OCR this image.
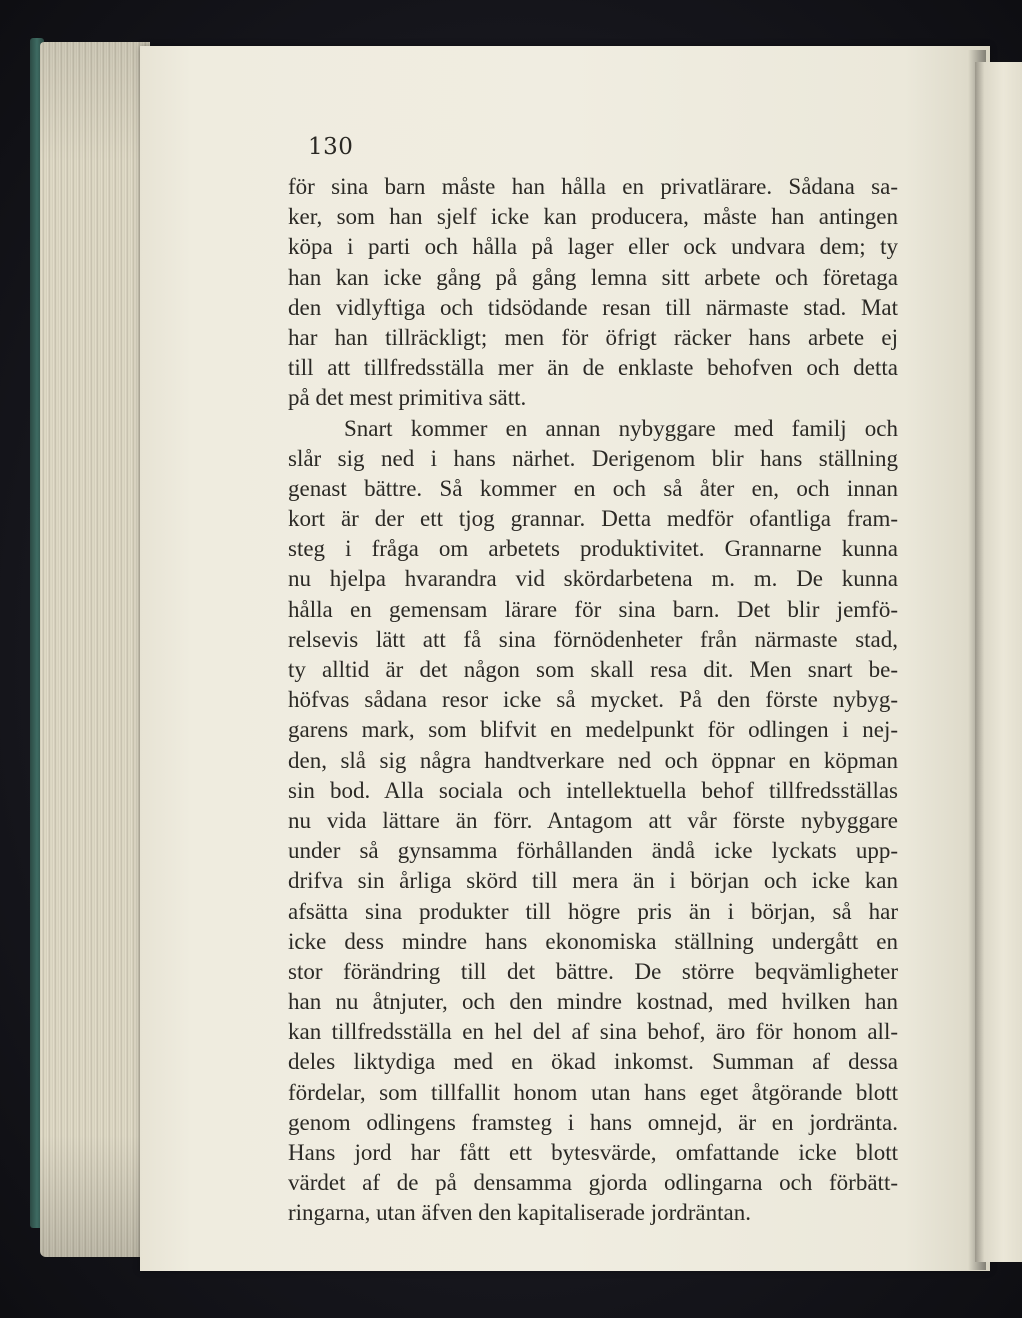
130
för sina barn måste han hålla en privatlärare. Sådana sa-
ker, som han sjelf icke kan producera, måste han antingen
köpa i parti och hålla på lager eller ock undvara dem; ty
han kan icke gång på gång lemna sitt arbete och företaga
den vidlyftiga och tidsödande resan till närmaste stad. Mat
har han tillräckligt; men för öfrigt räcker hans arbete ej
till att tillfredsställa mer än de enklaste behofven och detta
på det mest primitiva sätt.
Snart kommer en annan nybyggare med familj och
slår sig ned i hans närhet. Derigenom blir hans ställning
genast bättre. Så kommer en och så åter en, och innan
kort är der ett tjog grannar. Detta medför ofantliga fram-
steg i fråga om arbetets produktivitet. Grannarne kunna
nu hjelpa hvarandra vid skördarbetena m. m. De kunna
hålla en gemensam lärare för sina barn. Det blir jemfö-
relsevis lätt att få sina förnödenheter från närmaste stad,
ty alltid är det någon som skall resa dit. Men snart be-
höfvas sådana resor icke så mycket. På den förste nybyg-
garens mark, som blifvit en medelpunkt för odlingen i nej-
den, slå sig några handtverkare ned och öppnar en köpman
sin bod. Alla sociala och intellektuella behof tillfredsställas
nu vida lättare än förr. Antagom att vår förste nybyggare
under så gynsamma förhållanden ändå icke lyckats upp-
drifva sin årliga skörd till mera än i början och icke kan
afsätta sina produkter till högre pris än i början, så har
icke dess mindre hans ekonomiska ställning undergått en
stor förändring till det bättre. De större beqvämligheter
han nu åtnjuter, och den mindre kostnad, med hvilken han
kan tillfredsställa en hel del af sina behof, äro för honom all-
deles liktydiga med en ökad inkomst. Summan af dessa
fördelar, som tillfallit honom utan hans eget åtgörande blott
genom odlingens framsteg i hans omnejd, är en jordränta.
Hans jord har fått ett bytesvärde, omfattande icke blott
värdet af de på densamma gjorda odlingarna och förbätt-
ringarna, utan äfven den kapitaliserade jordräntan.
